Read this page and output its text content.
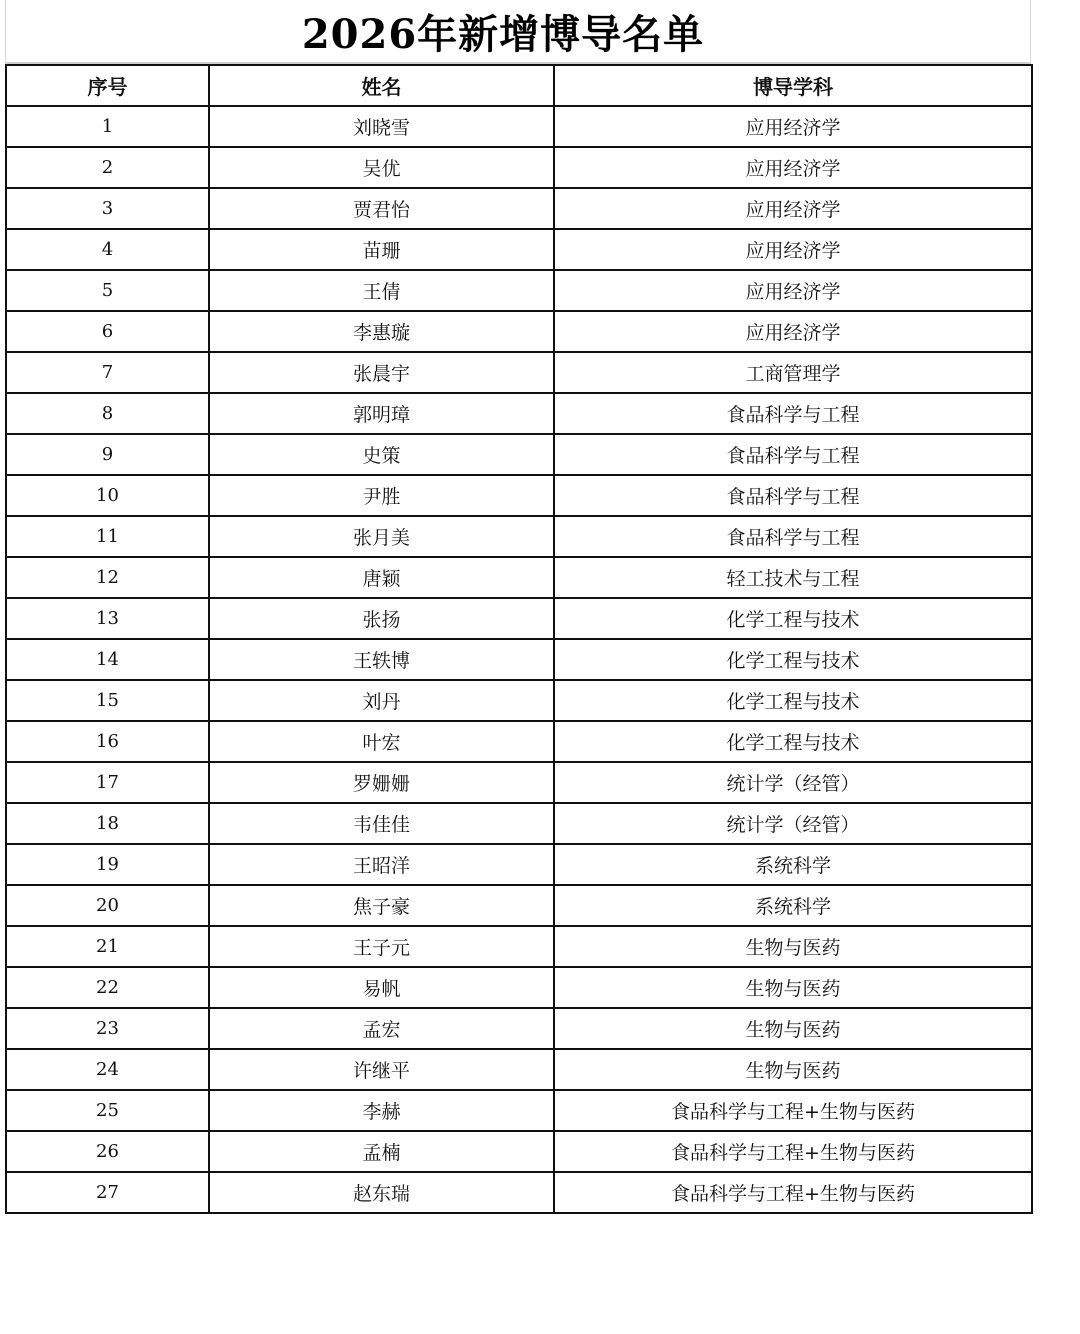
2026年新增博导名单
序号	姓名	博导学科
1	刘晓雪	应用经济学
2	吴优	应用经济学
3	贾君怡	应用经济学
4	苗珊	应用经济学
5	王倩	应用经济学
6	李惠璇	应用经济学
7	张晨宇	工商管理学
8	郭明璋	食品科学与工程
9	史策	食品科学与工程
10	尹胜	食品科学与工程
11	张月美	食品科学与工程
12	唐颖	轻工技术与工程
13	张扬	化学工程与技术
14	王轶博	化学工程与技术
15	刘丹	化学工程与技术
16	叶宏	化学工程与技术
17	罗姗姗	统计学（经管）
18	韦佳佳	统计学（经管）
19	王昭洋	系统科学
20	焦子豪	系统科学
21	王子元	生物与医药
22	易帆	生物与医药
23	孟宏	生物与医药
24	许继平	生物与医药
25	李赫	食品科学与工程+生物与医药
26	孟楠	食品科学与工程+生物与医药
27	赵东瑞	食品科学与工程+生物与医药
